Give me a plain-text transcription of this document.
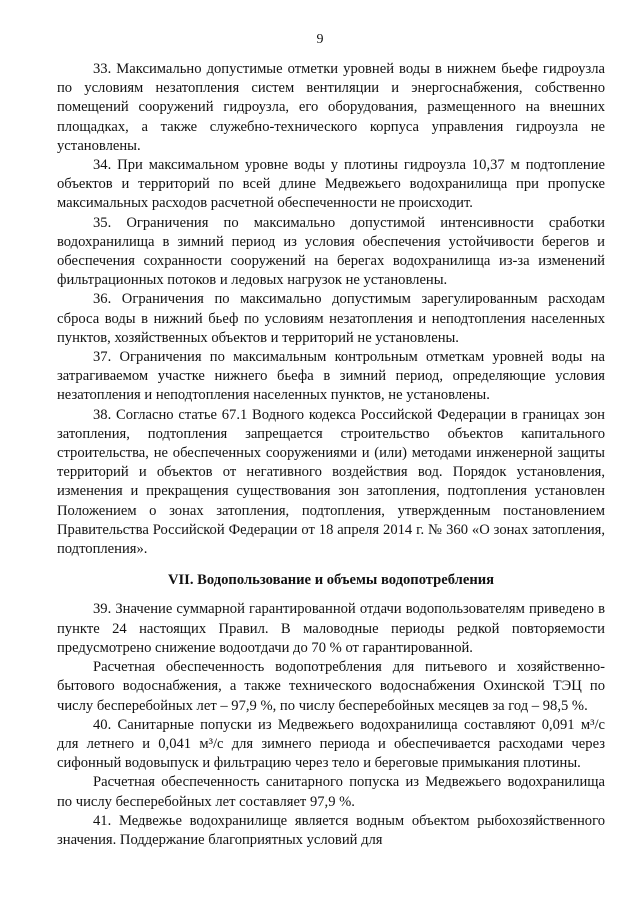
9

33. Максимально допустимые отметки уровней воды в нижнем бьефе гидроузла по условиям незатопления систем вентиляции и энергоснабжения, собственно помещений сооружений гидроузла, его оборудования, размещенного на внешних площадках, а также служебно-технического корпуса управления гидроузла не установлены.

34. При максимальном уровне воды у плотины гидроузла 10,37 м подтопление объектов и территорий по всей длине Медвежьего водохранилища при пропуске максимальных расходов расчетной обеспеченности не происходит.

35. Ограничения по максимально допустимой интенсивности сработки водохранилища в зимний период из условия обеспечения устойчивости берегов и обеспечения сохранности сооружений на берегах водохранилища из-за изменений фильтрационных потоков и ледовых нагрузок не установлены.

36. Ограничения по максимально допустимым зарегулированным расходам сброса воды в нижний бьеф по условиям незатопления и неподтопления населенных пунктов, хозяйственных объектов и территорий не установлены.

37. Ограничения по максимальным контрольным отметкам уровней воды на затрагиваемом участке нижнего бьефа в зимний период, определяющие условия незатопления и неподтопления населенных пунктов, не установлены.

38. Согласно статье 67.1 Водного кодекса Российской Федерации в границах зон затопления, подтопления запрещается строительство объектов капитального строительства, не обеспеченных сооружениями и (или) методами инженерной защиты территорий и объектов от негативного воздействия вод. Порядок установления, изменения и прекращения существования зон затопления, подтопления установлен Положением о зонах затопления, подтопления, утвержденным постановлением Правительства Российской Федерации от 18 апреля 2014 г. № 360 «О зонах затопления, подтопления».

VII. Водопользование и объемы водопотребления

39. Значение суммарной гарантированной отдачи водопользователям приведено в пункте 24 настоящих Правил. В маловодные периоды редкой повторяемости предусмотрено снижение водоотдачи до 70 % от гарантированной.

Расчетная обеспеченность водопотребления для питьевого и хозяйственно-бытового водоснабжения, а также технического водоснабжения Охинской ТЭЦ по числу бесперебойных лет – 97,9 %, по числу бесперебойных месяцев за год – 98,5 %.

40. Санитарные попуски из Медвежьего водохранилища составляют 0,091 м³/с для летнего и 0,041 м³/с для зимнего периода и обеспечивается расходами через сифонный водовыпуск и фильтрацию через тело и береговые примыкания плотины.

Расчетная обеспеченность санитарного попуска из Медвежьего водохранилища по числу бесперебойных лет составляет 97,9 %.

41. Медвежье водохранилище является водным объектом рыбохозяйственного значения. Поддержание благоприятных условий для
